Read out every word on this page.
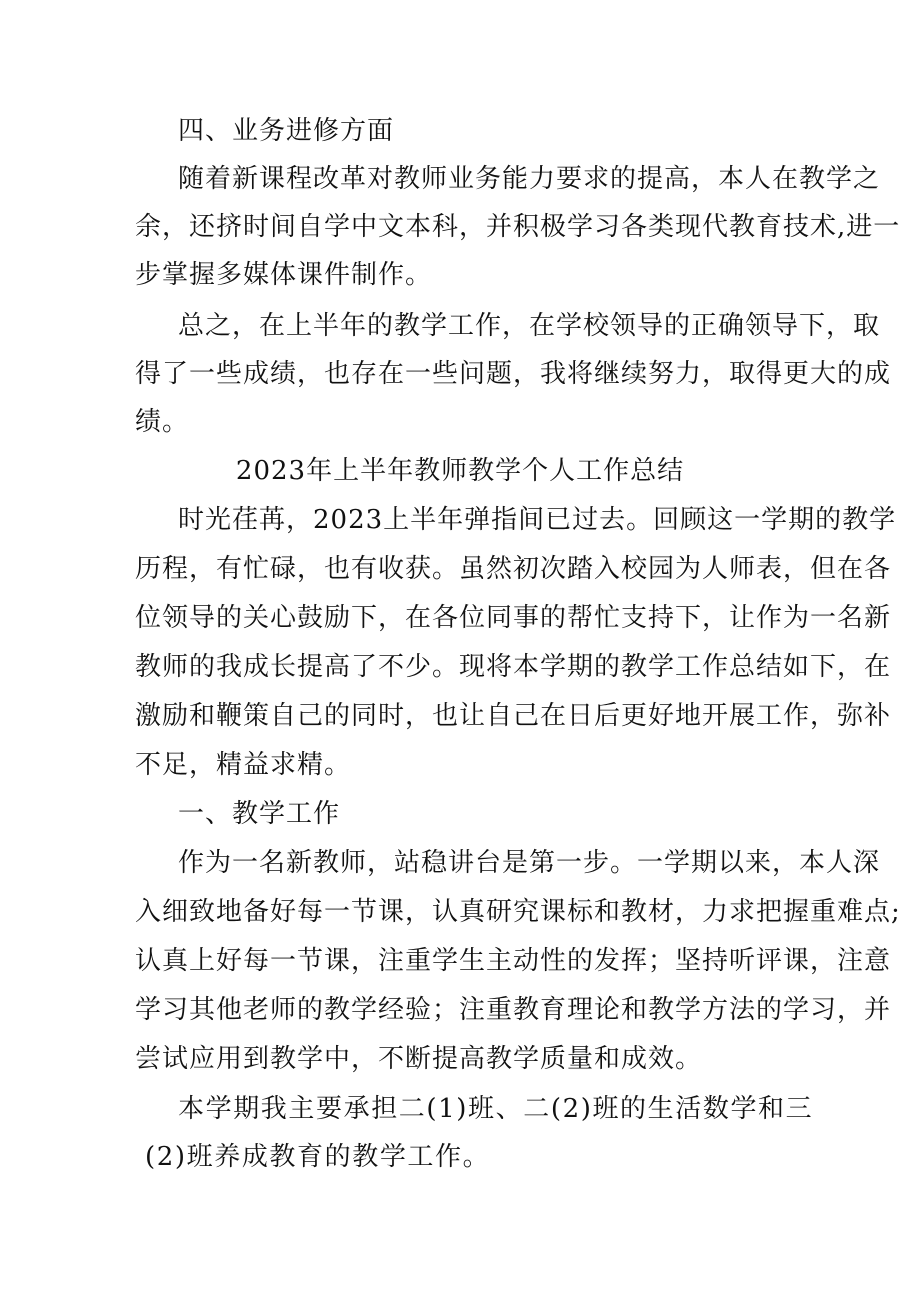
四、业务进修方面
随着新课程改革对教师业务能力要求的提高，本人在教学之
余，还挤时间自学中文本科，并积极学习各类现代教育技术,进一
步掌握多媒体课件制作。
总之，在上半年的教学工作，在学校领导的正确领导下，取
得了一些成绩，也存在一些问题，我将继续努力，取得更大的成
绩。
2023年上半年教师教学个人工作总结
时光荏苒，2023上半年弹指间已过去。回顾这一学期的教学
历程，有忙碌，也有收获。虽然初次踏入校园为人师表，但在各
位领导的关心鼓励下，在各位同事的帮忙支持下，让作为一名新
教师的我成长提高了不少。现将本学期的教学工作总结如下，在
激励和鞭策自己的同时，也让自己在日后更好地开展工作，弥补
不足，精益求精。
一、教学工作
作为一名新教师，站稳讲台是第一步。一学期以来，本人深
入细致地备好每一节课，认真研究课标和教材，力求把握重难点;
认真上好每一节课，注重学生主动性的发挥；坚持听评课，注意
学习其他老师的教学经验；注重教育理论和教学方法的学习，并
尝试应用到教学中，不断提高教学质量和成效。
本学期我主要承担二(1)班、二(2)班的生活数学和三
(2)班养成教育的教学工作。
